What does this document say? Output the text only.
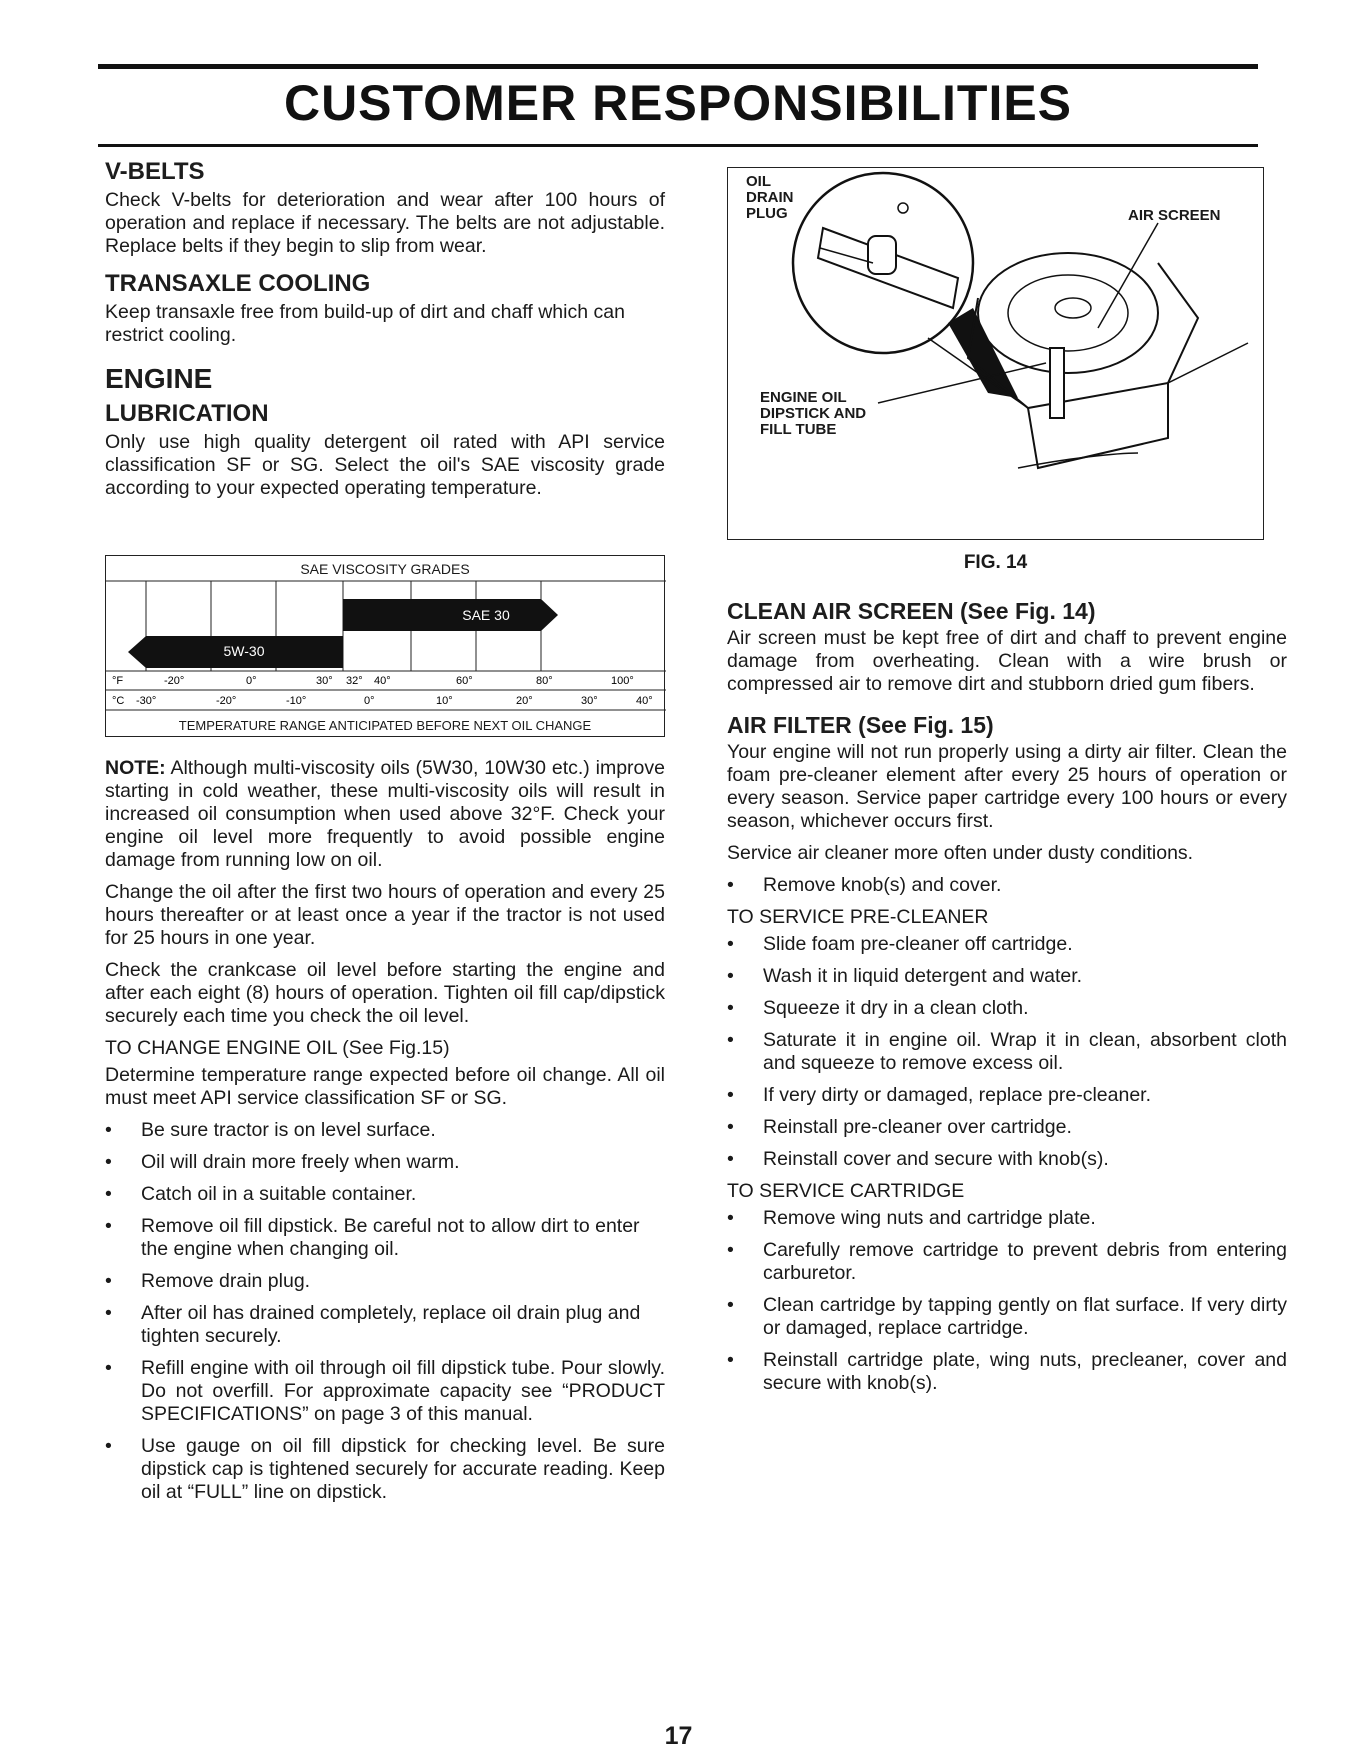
CUSTOMER RESPONSIBILITIES
V-BELTS

Check V-belts for deterioration and wear after 100 hours of operation and replace if necessary. The belts are not adjustable. Replace belts if they begin to slip from wear.

TRANSAXLE COOLING

Keep transaxle free from build-up of dirt and chaff which can restrict cooling.

ENGINE
LUBRICATION

Only use high quality detergent oil rated with API service classification SF or SG. Select the oil's SAE viscosity grade according to your expected operating temperature.

SAE VISCOSITY GRADES
SAE 30
5W-30
°F	-20°	0°	30° 32° 40°	60°	80°	100°
°C -30°	-20°	-10°	0°	10°	20°	30°	40°
TEMPERATURE RANGE ANTICIPATED BEFORE NEXT OIL CHANGE

NOTE: Although multi-viscosity oils (5W30, 10W30 etc.) improve starting in cold weather, these multi-viscosity oils will result in increased oil consumption when used above 32°F. Check your engine oil level more frequently to avoid possible engine damage from running low on oil.

Change the oil after the first two hours of operation and every 25 hours thereafter or at least once a year if the tractor is not used for 25 hours in one year.

Check the crankcase oil level before starting the engine and after each eight (8) hours of operation. Tighten oil fill cap/dipstick securely each time you check the oil level.

TO CHANGE ENGINE OIL (See Fig.15)

Determine temperature range expected before oil change. All oil must meet API service classification SF or SG.

• Be sure tractor is on level surface.
• Oil will drain more freely when warm.
• Catch oil in a suitable container.
• Remove oil fill dipstick. Be careful not to allow dirt to enter the engine when changing oil.
• Remove drain plug.
• After oil has drained completely, replace oil drain plug and tighten securely.
• Refill engine with oil through oil fill dipstick tube. Pour slowly. Do not overfill. For approximate capacity see “PRODUCT SPECIFICATIONS” on page 3 of this manual.
• Use gauge on oil fill dipstick for checking level. Be sure dipstick cap is tightened securely for accurate reading. Keep oil at “FULL” line on dipstick.
OIL
DRAIN
PLUG	AIR SCREEN
ENGINE OIL
DIPSTICK AND
FILL TUBE
FIG. 14
CLEAN AIR SCREEN (See Fig. 14)

Air screen must be kept free of dirt and chaff to prevent engine damage from overheating. Clean with a wire brush or compressed air to remove dirt and stubborn dried gum fibers.

AIR FILTER (See Fig. 15)

Your engine will not run properly using a dirty air filter. Clean the foam pre-cleaner element after every 25 hours of operation or every season. Service paper cartridge every 100 hours or every season, whichever occurs first.

Service air cleaner more often under dusty conditions.

• Remove knob(s) and cover.

TO SERVICE PRE-CLEANER

• Slide foam pre-cleaner off cartridge.
• Wash it in liquid detergent and water.
• Squeeze it dry in a clean cloth.
• Saturate it in engine oil. Wrap it in clean, absorbent cloth and squeeze to remove excess oil.
• If very dirty or damaged, replace pre-cleaner.
• Reinstall pre-cleaner over cartridge.
• Reinstall cover and secure with knob(s).

TO SERVICE CARTRIDGE

• Remove wing nuts and cartridge plate.
• Carefully remove cartridge to prevent debris from entering carburetor.
• Clean cartridge by tapping gently on flat surface. If very dirty or damaged, replace cartridge.
• Reinstall cartridge plate, wing nuts, precleaner, cover and secure with knob(s).
17
